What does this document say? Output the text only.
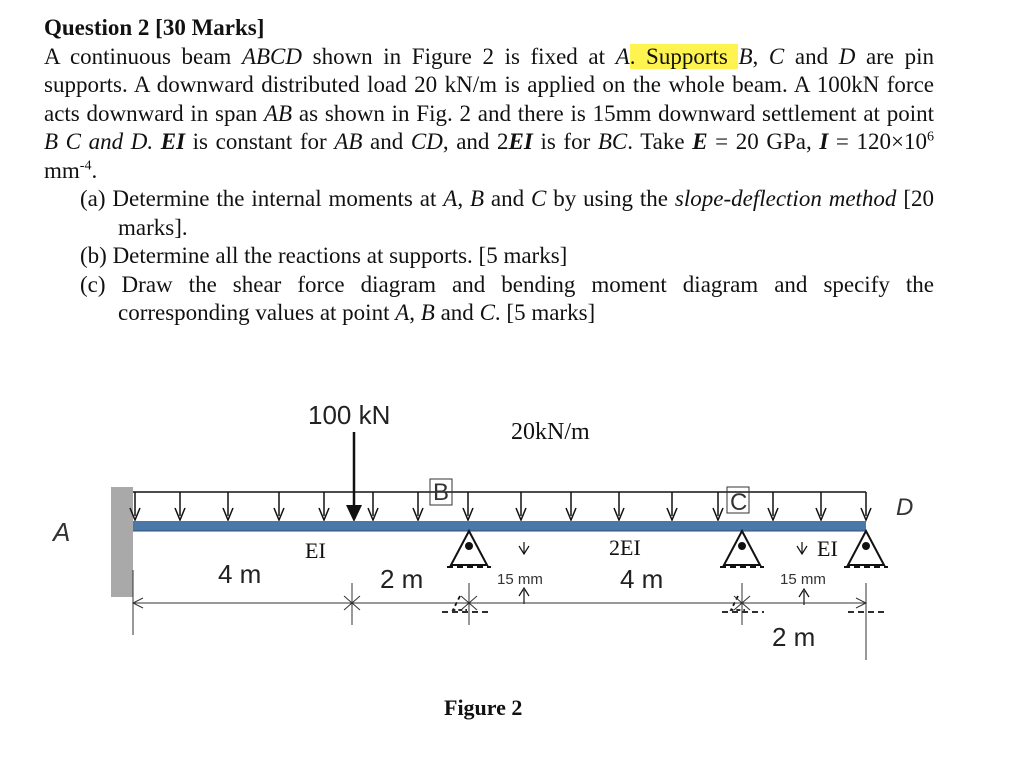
Question 2 [30 Marks]

A continuous beam ABCD shown in Figure 2 is fixed at A. Supports B, C and D are pin supports. A downward distributed load 20 kN/m is applied on the whole beam. A 100kN force acts downward in span AB as shown in Fig. 2 and there is 15mm downward settlement at point B C and D. EI is constant for AB and CD, and 2EI is for BC. Take E = 20 GPa, $I = 120\times 10^6$ $mm^{-4}$.

(a) Determine the internal moments at A, B and C by using the slope-deflection method [20 marks].

(b) Determine all the reactions at supports. [5 marks]

(c) Draw the shear force diagram and bending moment diagram and specify the corresponding values at point A, B and C. [5 marks]

100 kN
20kN/m
A
B	C	D
EI	2EI	EI
4 m	2 m	4 m
2 m
15 mm	15 mm
Figure 2
